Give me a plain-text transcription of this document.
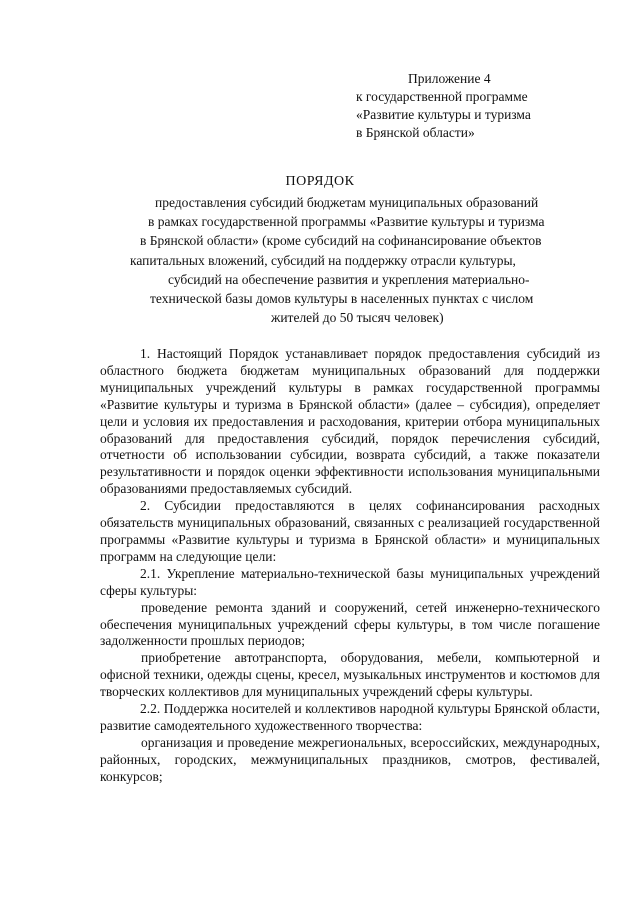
Приложение 4
к государственной программе
«Развитие культуры и туризма
в Брянской области»
ПОРЯДОК
предоставления субсидий бюджетам муниципальных образований
в рамках государственной программы «Развитие культуры и туризма
в Брянской области» (кроме субсидий на софинансирование объектов
капитальных вложений, субсидий на поддержку отрасли культуры,
субсидий на обеспечение развития и укрепления материально-
технической базы домов культуры в населенных пунктах с числом
жителей до 50 тысяч человек)

1. Настоящий Порядок устанавливает порядок предоставления субсидий из областного бюджета бюджетам муниципальных образований для поддержки муниципальных учреждений культуры в рамках государственной программы «Развитие культуры и туризма в Брянской области» (далее – субсидия), определяет цели и условия их предоставления и расходования, критерии отбора муниципальных образований для предоставления субсидий, порядок перечисления субсидий, отчетности об использовании субсидии, возврата субсидий, а также показатели результативности и порядок оценки эффективности использования муниципальными образованиями предоставляемых субсидий.

2. Субсидии предоставляются в целях софинансирования расходных обязательств муниципальных образований, связанных с реализацией государственной программы «Развитие культуры и туризма в Брянской области» и муниципальных программ на следующие цели:

2.1. Укрепление материально-технической базы муниципальных учреждений сферы культуры:

проведение ремонта зданий и сооружений, сетей инженерно-технического обеспечения муниципальных учреждений сферы культуры, в том числе погашение задолженности прошлых периодов;

приобретение автотранспорта, оборудования, мебели, компьютерной и офисной техники, одежды сцены, кресел, музыкальных инструментов и костюмов для творческих коллективов для муниципальных учреждений сферы культуры.

2.2. Поддержка носителей и коллективов народной культуры Брянской области, развитие самодеятельного художественного творчества:

организация и проведение межрегиональных, всероссийских, международных, районных, городских, межмуниципальных праздников, смотров, фестивалей, конкурсов;
